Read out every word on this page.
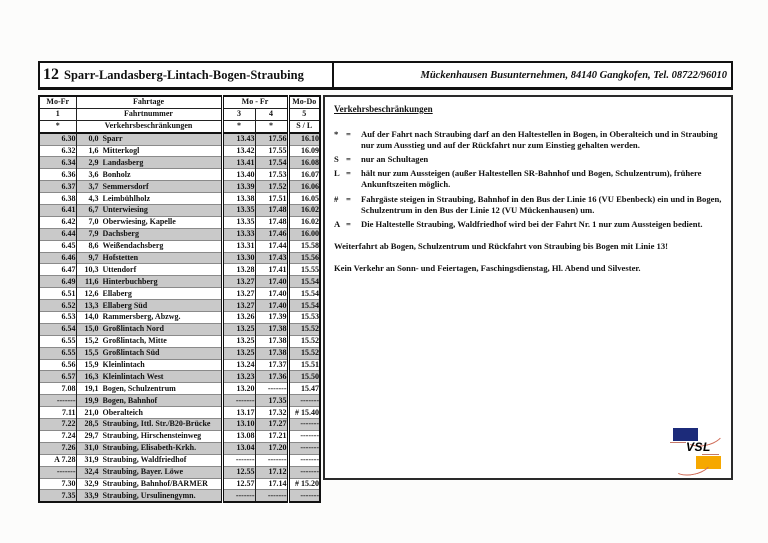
12 Sparr-Landasberg-Lintach-Bogen-Straubing	Mückenhausen Busunternehmen, 84140 Gangkofen, Tel. 08722/96010
Mo-Fr	Fahrtage	Mo - Fr		Mo-Do
1	Fahrtnummer	3	4	5
*	Verkehrsbeschränkungen	*	*	S / L
6.30	0,0 Sparr	13.43	17.56	16.10
6.32	1,6 Mitterkogl	13.42	17.55	16.09
6.34	2,9 Landasberg	13.41	17.54	16.08
6.36	3,6 Bonholz	13.40	17.53	16.07
6.37	3,7 Semmersdorf	13.39	17.52	16.06
6.38	4,3 Leimbühlholz	13.38	17.51	16.05
6.41	6,7 Unterwiesing	13.35	17.48	16.02
6.42	7,0 Oberwiesing, Kapelle	13.35	17.48	16.02
6.44	7,9 Dachsberg	13.33	17.46	16.00
6.45	8,6 Weißendachsberg	13.31	17.44	15.58
6.46	9,7 Hofstetten	13.30	17.43	15.56
6.47	10,3 Uttendorf	13.28	17.41	15.55
6.49	11,6 Hinterbuchberg	13.27	17.40	15.54
6.51	12,6 Ellaberg	13.27	17.40	15.54
6.52	13,3 Ellaberg Süd	13.27	17.40	15.54
6.53	14,0 Rammersberg, Abzwg.	13.26	17.39	15.53
6.54	15,0 Großlintach Nord	13.25	17.38	15.52
6.55	15,2 Großlintach, Mitte	13.25	17.38	15.52
6.55	15,5 Großlintach Süd	13.25	17.38	15.52
6.56	15,9 Kleinlintach	13.24	17.37	15.51
6.57	16,3 Kleinlintach West	13.23	17.36	15.50
7.08	19,1 Bogen, Schulzentrum	13.20	-------	15.47
-------	19,9 Bogen, Bahnhof	-------	17.35	-------
7.11	21,0 Oberalteich	13.17	17.32	# 15.40
7.22	28,5 Straubing, Ittl. Str./B20-Brücke	13.10	17.27	-------
7.24	29,7 Straubing, Hirschensteinweg	13.08	17.21	-------
7.26	31,0 Straubing, Elisabeth-Krkh.	13.04	17.20	-------
A 7.28	31,9 Straubing, Waldfriedhof	-------	-------	-------
-------	32,4 Straubing, Bayer. Löwe	12.55	17.12	-------
7.30	32,9 Straubing, Bahnhof/BARMER	12.57	17.14	# 15.20
7.35	33,9 Straubing, Ursulinengymn.	-------	-------	-------
Verkehrsbeschränkungen
* =	Auf der Fahrt nach Straubing darf an den Haltestellen in Bogen, in Oberalteich und in Straubing nur zum Ausstieg und auf der Rückfahrt nur zum Einstieg gehalten werden.
S =	nur an Schultagen
L =	hält nur zum Aussteigen (außer Haltestellen SR-Bahnhof und Bogen, Schulzentrum), frühere Ankunftszeiten möglich.
# =	Fahrgäste steigen in Straubing, Bahnhof in den Bus der Linie 16 (VU Ebenbeck) ein und in Bogen, Schulzentrum in den Bus der Linie 12 (VU Mückenhausen) um.
A =	Die Haltestelle Straubing, Waldfriedhof wird bei der Fahrt Nr. 1 nur zum Aussteigen bedient.
Weiterfahrt ab Bogen, Schulzentrum und Rückfahrt von Straubing bis Bogen mit Linie 13!
Kein Verkehr an Sonn- und Feiertagen, Faschingsdienstag, Hl. Abend und Silvester.
VSL
